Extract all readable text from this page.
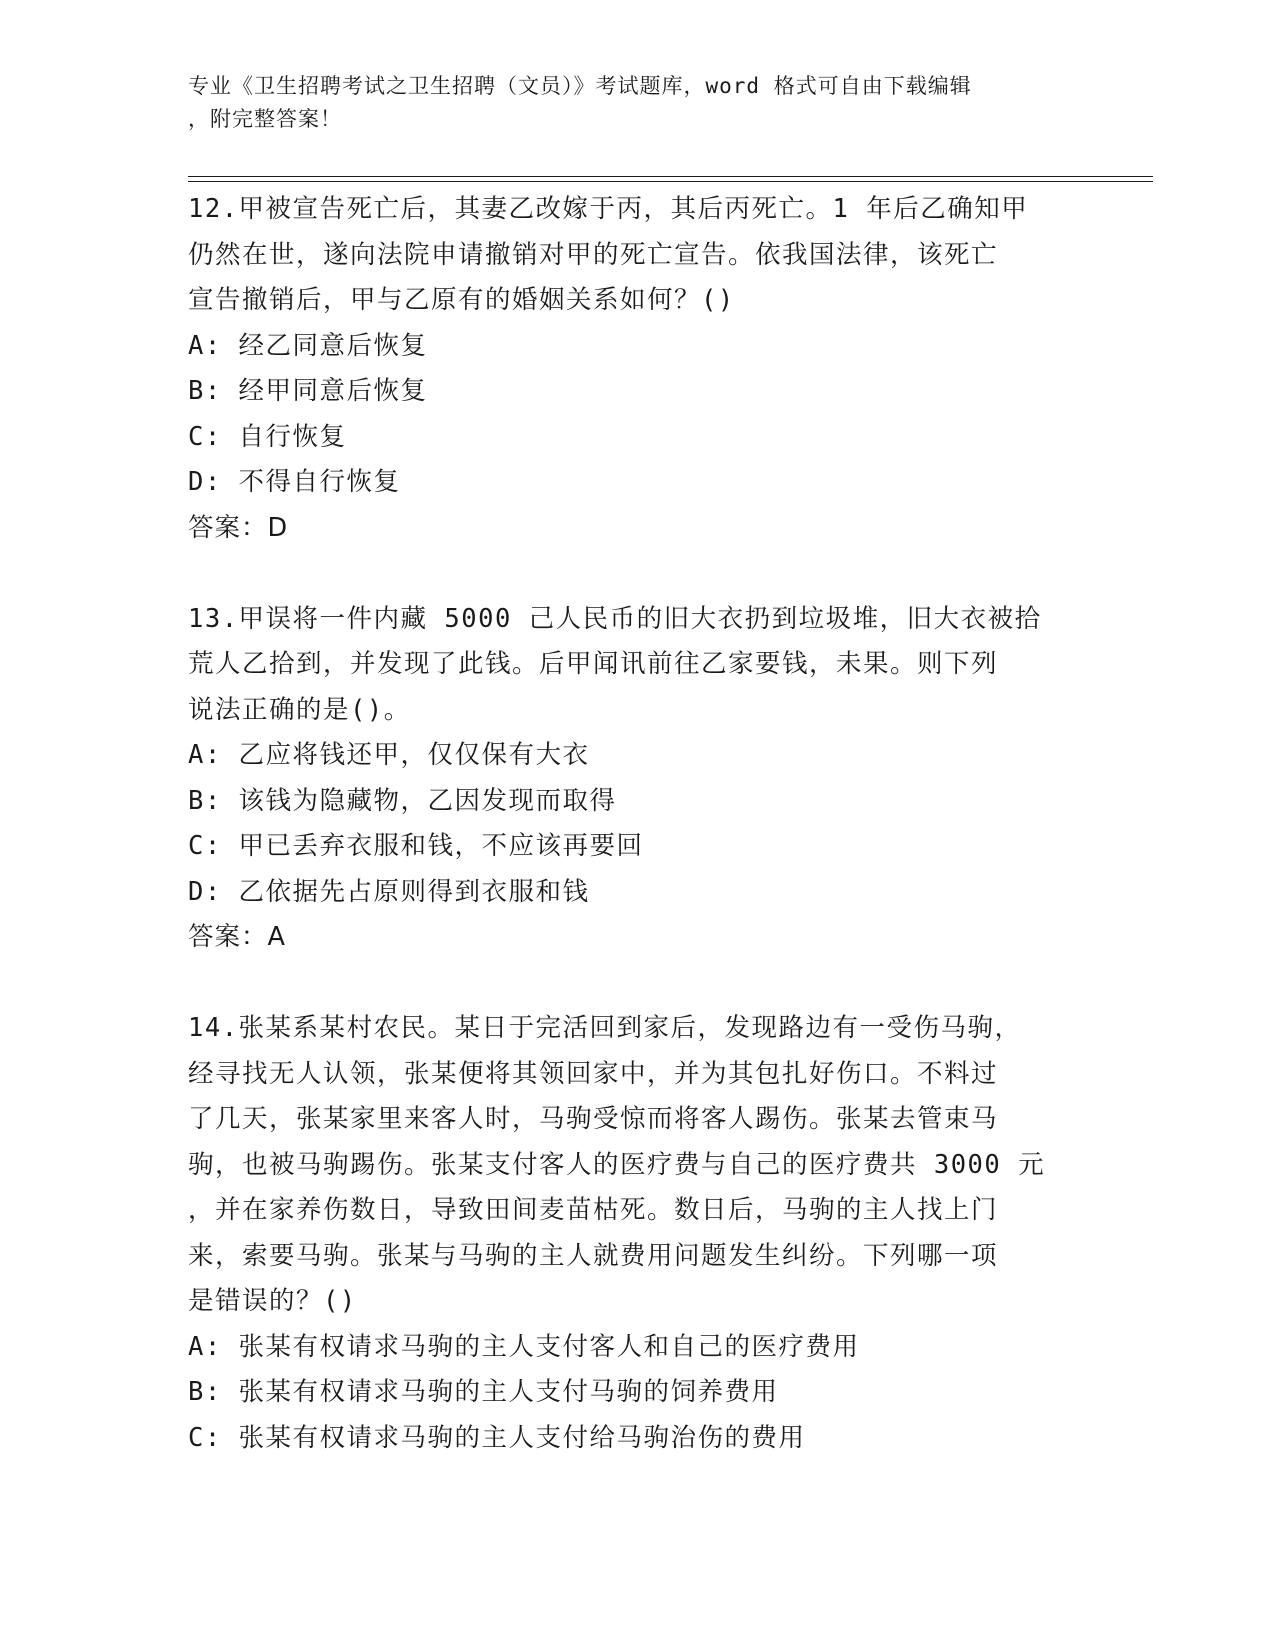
专业《卫生招聘考试之卫生招聘（文员）》考试题库，word 格式可自由下载编辑
，附完整答案！
12.甲被宣告死亡后，其妻乙改嫁于丙，其后丙死亡。1 年后乙确知甲
仍然在世，遂向法院申请撤销对甲的死亡宣告。依我国法律，该死亡
宣告撤销后，甲与乙原有的婚姻关系如何？()
A: 经乙同意后恢复
B: 经甲同意后恢复
C: 自行恢复
D: 不得自行恢复
答案：D
13.甲误将一件内藏 5000 己人民币的旧大衣扔到垃圾堆，旧大衣被拾
荒人乙拾到，并发现了此钱。后甲闻讯前往乙家要钱，未果。则下列
说法正确的是()。
A: 乙应将钱还甲，仅仅保有大衣
B: 该钱为隐藏物，乙因发现而取得
C: 甲已丢弃衣服和钱，不应该再要回
D: 乙依据先占原则得到衣服和钱
答案：A
14.张某系某村农民。某日于完活回到家后，发现路边有一受伤马驹，
经寻找无人认领，张某便将其领回家中，并为其包扎好伤口。不料过
了几天，张某家里来客人时，马驹受惊而将客人踢伤。张某去管束马
驹，也被马驹踢伤。张某支付客人的医疗费与自己的医疗费共 3000 元
，并在家养伤数日，导致田间麦苗枯死。数日后，马驹的主人找上门
来，索要马驹。张某与马驹的主人就费用问题发生纠纷。下列哪一项
是错误的？()
A: 张某有权请求马驹的主人支付客人和自己的医疗费用
B: 张某有权请求马驹的主人支付马驹的饲养费用
C: 张某有权请求马驹的主人支付给马驹治伤的费用
